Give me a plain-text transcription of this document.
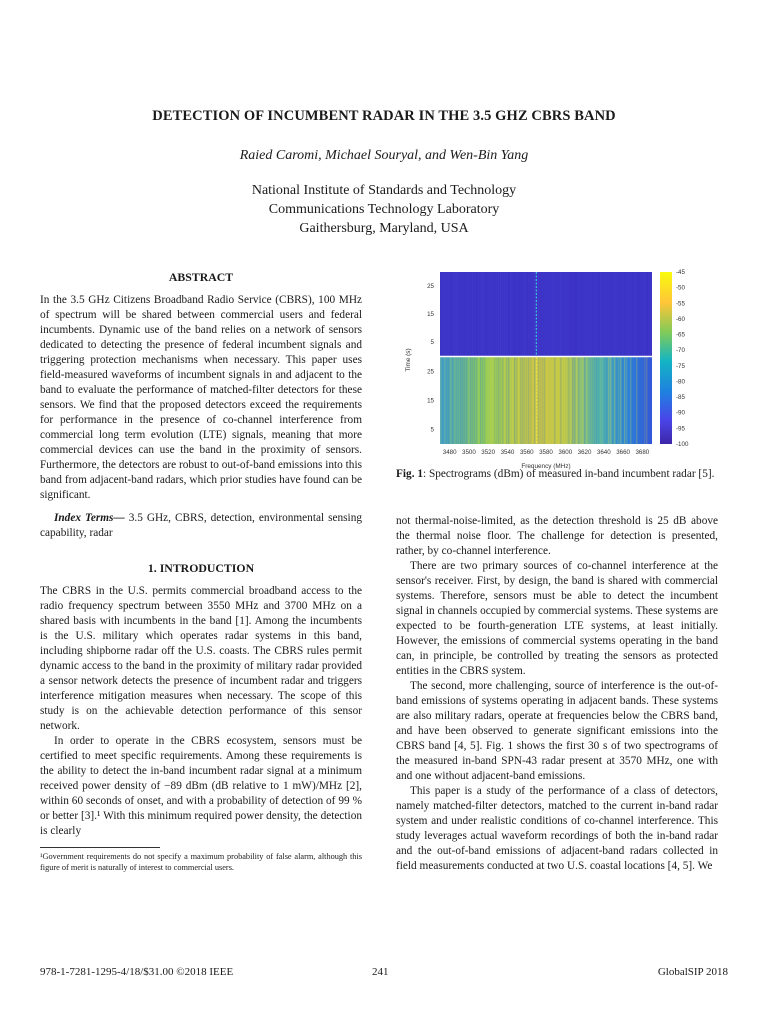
DETECTION OF INCUMBENT RADAR IN THE 3.5 GHZ CBRS BAND
Raied Caromi, Michael Souryal, and Wen-Bin Yang
National Institute of Standards and Technology
Communications Technology Laboratory
Gaithersburg, Maryland, USA
ABSTRACT

In the 3.5 GHz Citizens Broadband Radio Service (CBRS), 100 MHz of spectrum will be shared between commercial users and federal incumbents. Dynamic use of the band relies on a network of sensors dedicated to detecting the presence of federal incumbent signals and triggering protection mechanisms when necessary. This paper uses field-measured waveforms of incumbent signals in and adjacent to the band to evaluate the performance of matched-filter detectors for these sensors. We find that the proposed detectors exceed the requirements for performance in the presence of co-channel interference from commercial long term evolution (LTE) signals, meaning that more commercial devices can use the band in the proximity of sensors. Furthermore, the detectors are robust to out-of-band emissions into this band from adjacent-band radars, which prior studies have found can be significant.

Index Terms— 3.5 GHz, CBRS, detection, environmental sensing capability, radar

1. INTRODUCTION

The CBRS in the U.S. permits commercial broadband access to the radio frequency spectrum between 3550 MHz and 3700 MHz on a shared basis with incumbents in the band [1]. Among the incumbents is the U.S. military which operates radar systems in this band, including shipborne radar off the U.S. coasts. The CBRS rules permit dynamic access to the band in the proximity of military radar provided a sensor network detects the presence of incumbent radar and triggers interference mitigation measures when necessary. The scope of this study is on the achievable detection performance of this sensor network.

In order to operate in the CBRS ecosystem, sensors must be certified to meet specific requirements. Among these requirements is the ability to detect the in-band incumbent radar signal at a minimum received power density of −89 dBm (dB relative to 1 mW)/MHz [2], within 60 seconds of onset, and with a probability of detection of 99 % or better [3].¹ With this minimum required power density, the detection is clearly

¹Government requirements do not specify a maximum probability of false alarm, although this figure of merit is naturally of interest to commercial users.

-45
-50
-55
-60
-65
-70
-75
-80
-85
-90
-95
-100
5
15
25
5
15
25
3480 3500 3520 3540 3560 3580 3600 3620 3640 3660 3680
Time (s)
Frequency (MHz)
Fig. 1: Spectrograms (dBm) of measured in-band incumbent radar [5].

not thermal-noise-limited, as the detection threshold is 25 dB above the thermal noise floor. The challenge for detection is presented, rather, by co-channel interference.

There are two primary sources of co-channel interference at the sensor's receiver. First, by design, the band is shared with commercial systems. Therefore, sensors must be able to detect the incumbent signal in channels occupied by commercial systems. These systems are expected to be fourth-generation LTE systems, at least initially. However, the emissions of commercial systems operating in the band can, in principle, be controlled by treating the sensors as protected entities in the CBRS system.

The second, more challenging, source of interference is the out-of-band emissions of systems operating in adjacent bands. These systems are also military radars, operate at frequencies below the CBRS band, and have been observed to generate significant emissions into the CBRS band [4, 5]. Fig. 1 shows the first 30 s of two spectrograms of the measured in-band SPN-43 radar present at 3570 MHz, one with and one without adjacent-band emissions.

This paper is a study of the performance of a class of detectors, namely matched-filter detectors, matched to the current in-band radar system and under realistic conditions of co-channel interference. This study leverages actual waveform recordings of both the in-band radar and the out-of-band emissions of adjacent-band radars collected in field measurements conducted at two U.S. coastal locations [4, 5]. We

978-1-7281-1295-4/18/$31.00 ©2018 IEEE	241	GlobalSIP 2018
